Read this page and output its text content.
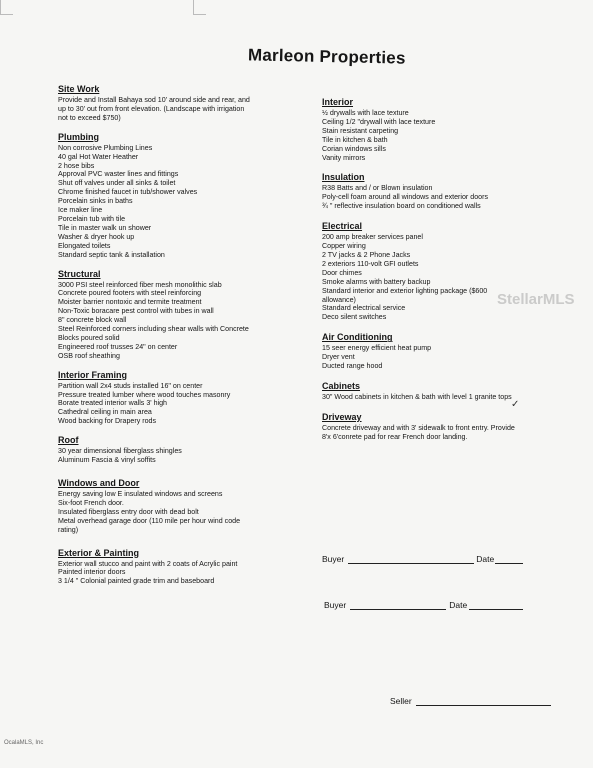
Marleon Properties
Site Work
Provide and Install Bahaya sod 10' around side and rear, and
up to 30' out from front elevation. (Landscape with irrigation
not to exceed $750)
Plumbing
Non corrosive Plumbing Lines
40 gal Hot Water Heather
2 hose bibs
Approval PVC waster lines and fittings
Shut off valves under all sinks & toilet
Chrome finished faucet in tub/shower valves
Porcelain sinks in baths
Ice maker line
Porcelain tub with tile
Tile in master walk un shower
Washer & dryer hook up
Elongated toilets
Standard septic tank & installation
Structural
3000 PSI steel reinforced fiber mesh monolithic slab
Concrete poured footers with steel reinforcing
Moister barrier nontoxic and termite treatment
Non-Toxic boracare pest control with tubes in wall
8" concrete block wall
Steel Reinforced corners including shear walls with Concrete
Blocks poured solid
Engineered roof trusses 24" on center
OSB roof sheathing
Interior Framing
Partition wall 2x4 studs installed 16" on center
Pressure treated lumber where wood touches masonry
Borate treated interior walls 3' high
Cathedral ceiling in main area
Wood backing for Drapery rods
Roof
30 year dimensional fiberglass shingles
Aluminum Fascia & vinyl soffits
Windows and Door
Energy saving low E insulated windows and screens
Six-foot French door.
Insulated fiberglass entry door with dead bolt
Metal overhead garage door (110 mile per hour wind code
rating)
Exterior & Painting
Exterior wall stucco and paint with 2 coats of Acrylic paint
Painted interior doors
3 1/4 " Colonial painted grade trim and baseboard
Interior
½ drywalls with lace texture
Ceiling 1/2 "drywall with lace texture
Stain resistant carpeting
Tile in kitchen & bath
Corian windows sills
Vanity mirrors
Insulation
R38 Batts and / or Blown insulation
Poly-cell foam around all windows and exterior doors
¾ " reflective insulation board on conditioned walls
Electrical
200 amp breaker services panel
Copper wiring
2 TV jacks & 2 Phone Jacks
2 exteriors 110-volt GFI outlets
Door chimes
Smoke alarms with battery backup
Standard interior and exterior lighting package ($600
allowance)
Standard electrical service
Deco silent switches
Air Conditioning
15 seer energy efficient heat pump
Dryer vent
Ducted range hood
Cabinets
30" Wood cabinets in kitchen & bath with level 1 granite tops
Driveway
Concrete driveway and with 3' sidewalk to front entry. Provide
8'x 6'conrete pad for rear French door landing.
StellarMLS
✓
Buyer	Date
Buyer	Date
Seller
OcalaMLS, Inc
